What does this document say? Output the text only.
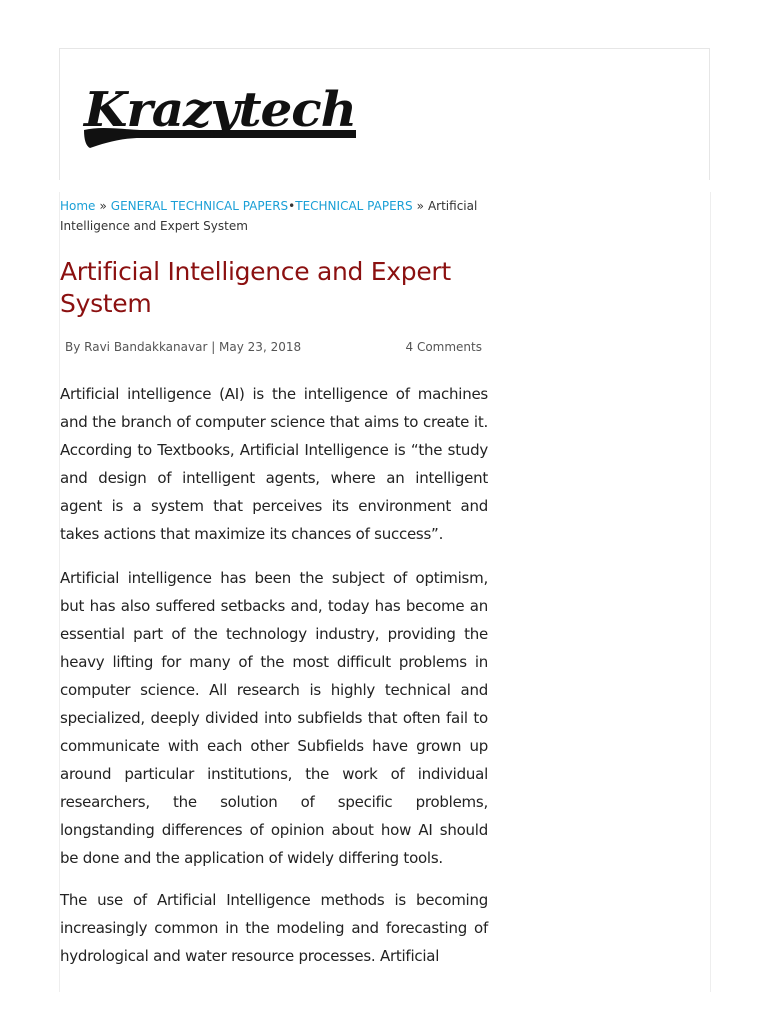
Krazytech
Home » GENERAL TECHNICAL PAPERS•TECHNICAL PAPERS » Artificial Intelligence and Expert System
Artificial Intelligence and Expert System
By Ravi Bandakkanavar | May 23, 2018	4 Comments

Artificial intelligence (AI) is the intelligence of machines and the branch of computer science that aims to create it. According to Textbooks, Artificial Intelligence is “the study and design of intelligent agents, where an intelligent agent is a system that perceives its environment and takes actions that maximize its chances of success”.

Artificial intelligence has been the subject of optimism, but has also suffered setbacks and, today has become an essential part of the technology industry, providing the heavy lifting for many of the most difficult problems in computer science. All research is highly technical and specialized, deeply divided into subfields that often fail to communicate with each other Subfields have grown up around particular institutions, the work of individual researchers, the solution of specific problems, longstanding differences of opinion about how AI should be done and the application of widely differing tools.

The use of Artificial Intelligence methods is becoming increasingly common in the modeling and forecasting of hydrological and water resource processes. Artificial
